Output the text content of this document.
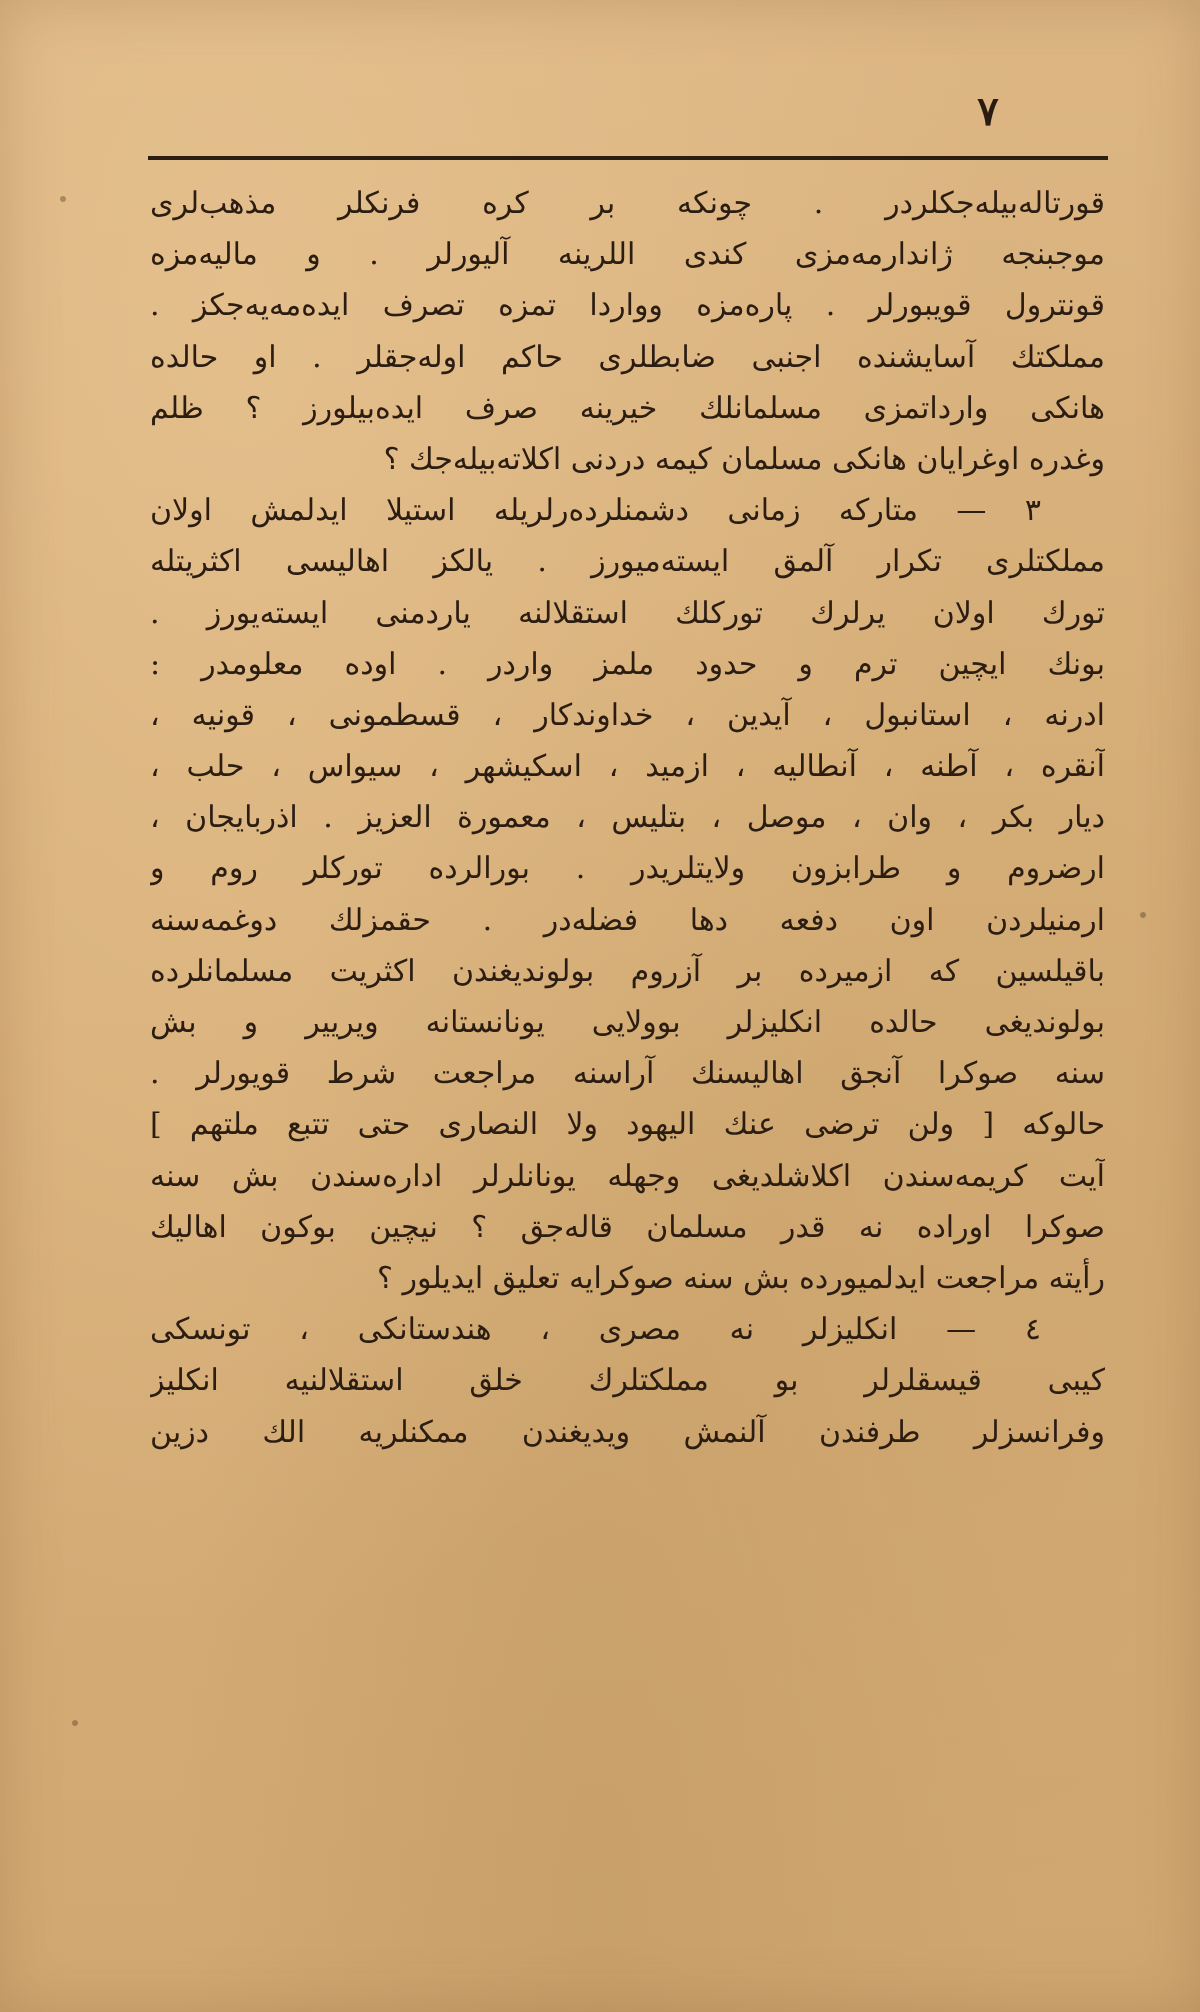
٧
قورتاله‌بيله‌جكلردر . چونكه بر كره فرنكلر مذهب‌لرى
موجبنجه ژاندارمه‌مزى كندى اللرينه آليورلر . و ماليه‌مزه
قونترول قويبورلر . پاره‌مزه وواردا تمزه تصرف ايده‌مه‌يه‌جكز .
مملكتك آسايشنده اجنبى ضابطلرى حاكم اوله‌جقلر . او حالده
هانكى وارداتمزى مسلمانلك خيرينه صرف ايده‌بيلورز ؟ ظلم
وغدره اوغرايان هانكى مسلمان كيمه دردنى اكلاته‌بيله‌جك ؟
٣ — متاركه زمانى دشمنلرده‌رلريله استيلا ايدلمش اولان
مملكتلرى تكرار آلمق ايسته‌ميورز . يالكز اهاليسى اكثريتله
تورك اولان يرلرك توركلك استقلالنه ياردمنى ايسته‌يورز .
بونك ايچين ترم و حدود ملمز واردر . اوده معلومدر :
ادرنه ، استانبول ، آيدين ، خداوندكار ، قسطمونى ، قونيه ،
آنقره ، آطنه ، آنطاليه ، ازميد ، اسكيشهر ، سيواس ، حلب ،
ديار بكر ، وان ، موصل ، بتليس ، معمورة العزيز . اذربايجان ،
ارضروم و طرابزون ولايتلريدر . بورالرده توركلر روم و
ارمنيلردن اون دفعه دها فضله‌در . حقمزلك دوغمه‌سنه
باقيلسين كه ازميرده بر آزروم بولونديغندن اكثريت مسلمانلرده
بولونديغى حالده انكليزلر بوولايى يونانستانه ويريير و بش
سنه صوكرا آنجق اهاليسنك آراسنه مراجعت شرط قويورلر .
حالوكه [ ولن ترضى عنك اليهود ولا النصارى حتى تتبع ملتهم ]
آيت كريمه‌سندن اكلاشلديغى وجهله يونانلرلر اداره‌سندن بش سنه
صوكرا اوراده نه قدر مسلمان قاله‌جق ؟ نيچين بوكون اهاليك
رأيته مراجعت ايدلميورده بش سنه صوكرايه تعليق ايديلور ؟
٤ — انكليزلر نه مصرى ، هندستانكى ، تونسكى
كيبى قيسقلرلر بو مملكتلرك خلق استقلالنيه انكليز
وفرانسزلر طرفندن آلنمش ويديغندن ممكنلريه الك دزين
